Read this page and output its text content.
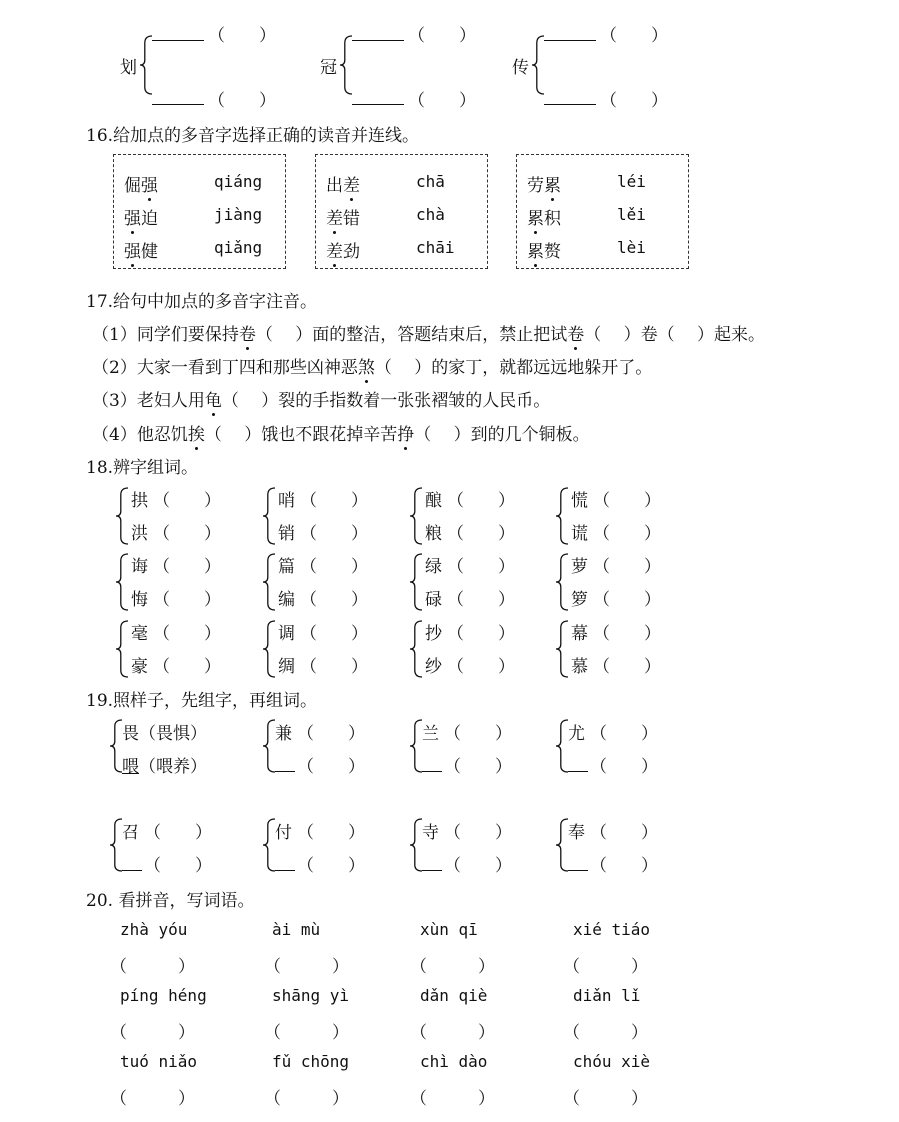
划
（　　）
（　　）
冠
（　　）
（　　）
传
（　　）
（　　）
16.给加点的多音字选择正确的读音并连线。
倔强	qiáng
强迫	jiàng
强健	qiǎng
出差	chā
差错	chà
差劲	chāi
劳累	léi
累积	lěi
累赘	lèi
17.给句中加点的多音字注音。
（1）同学们要保持卷（　 ）面的整洁，答题结束后，禁止把试卷（　 ）卷（　 ）起来。
（2）大家一看到丁四和那些凶神恶煞（　 ）的家丁，就都远远地躲开了。
（3）老妇人用龟（　 ）裂的手指数着一张张褶皱的人民币。
（4）他忍饥挨（　 ）饿也不跟花掉辛苦挣（　 ）到的几个铜板。
18.辨字组词。
拱
洪
（　　）
（　　）
哨
销
（　　）
（　　）
酿
粮
（　　）
（　　）
慌
谎
（　　）
（　　）
诲
悔
（　　）
（　　）
篇
编
（　　）
（　　）
绿
碌
（　　）
（　　）
萝
箩
（　　）
（　　）
毫
豪
（　　）
（　　）
调
绸
（　　）
（　　）
抄
纱
（　　）
（　　）
幕
慕
（　　）
（　　）
19.照样子，先组字，再组词。
畏（畏惧）
喂（喂养）
兼 （　　）
（　　）
兰 （　　）
（　　）
尤 （　　）
（　　）
召 （　　）
（　　）
付 （　　）
（　　）
寺 （　　）
（　　）
奉 （　　）
（　　）
20. 看拼音，写词语。
zhà yóu
（　　　）
ài mù
（　　　）
xùn qī
（　　　）
xié tiáo
（　　　）
píng héng
（　　　）
shāng yì
（　　　）
dǎn qiè
（　　　）
diǎn lǐ
（　　　）
tuó niǎo
（　　　）
fǔ chōng
（　　　）
chì dào
（　　　）
chóu xiè
（　　　）
